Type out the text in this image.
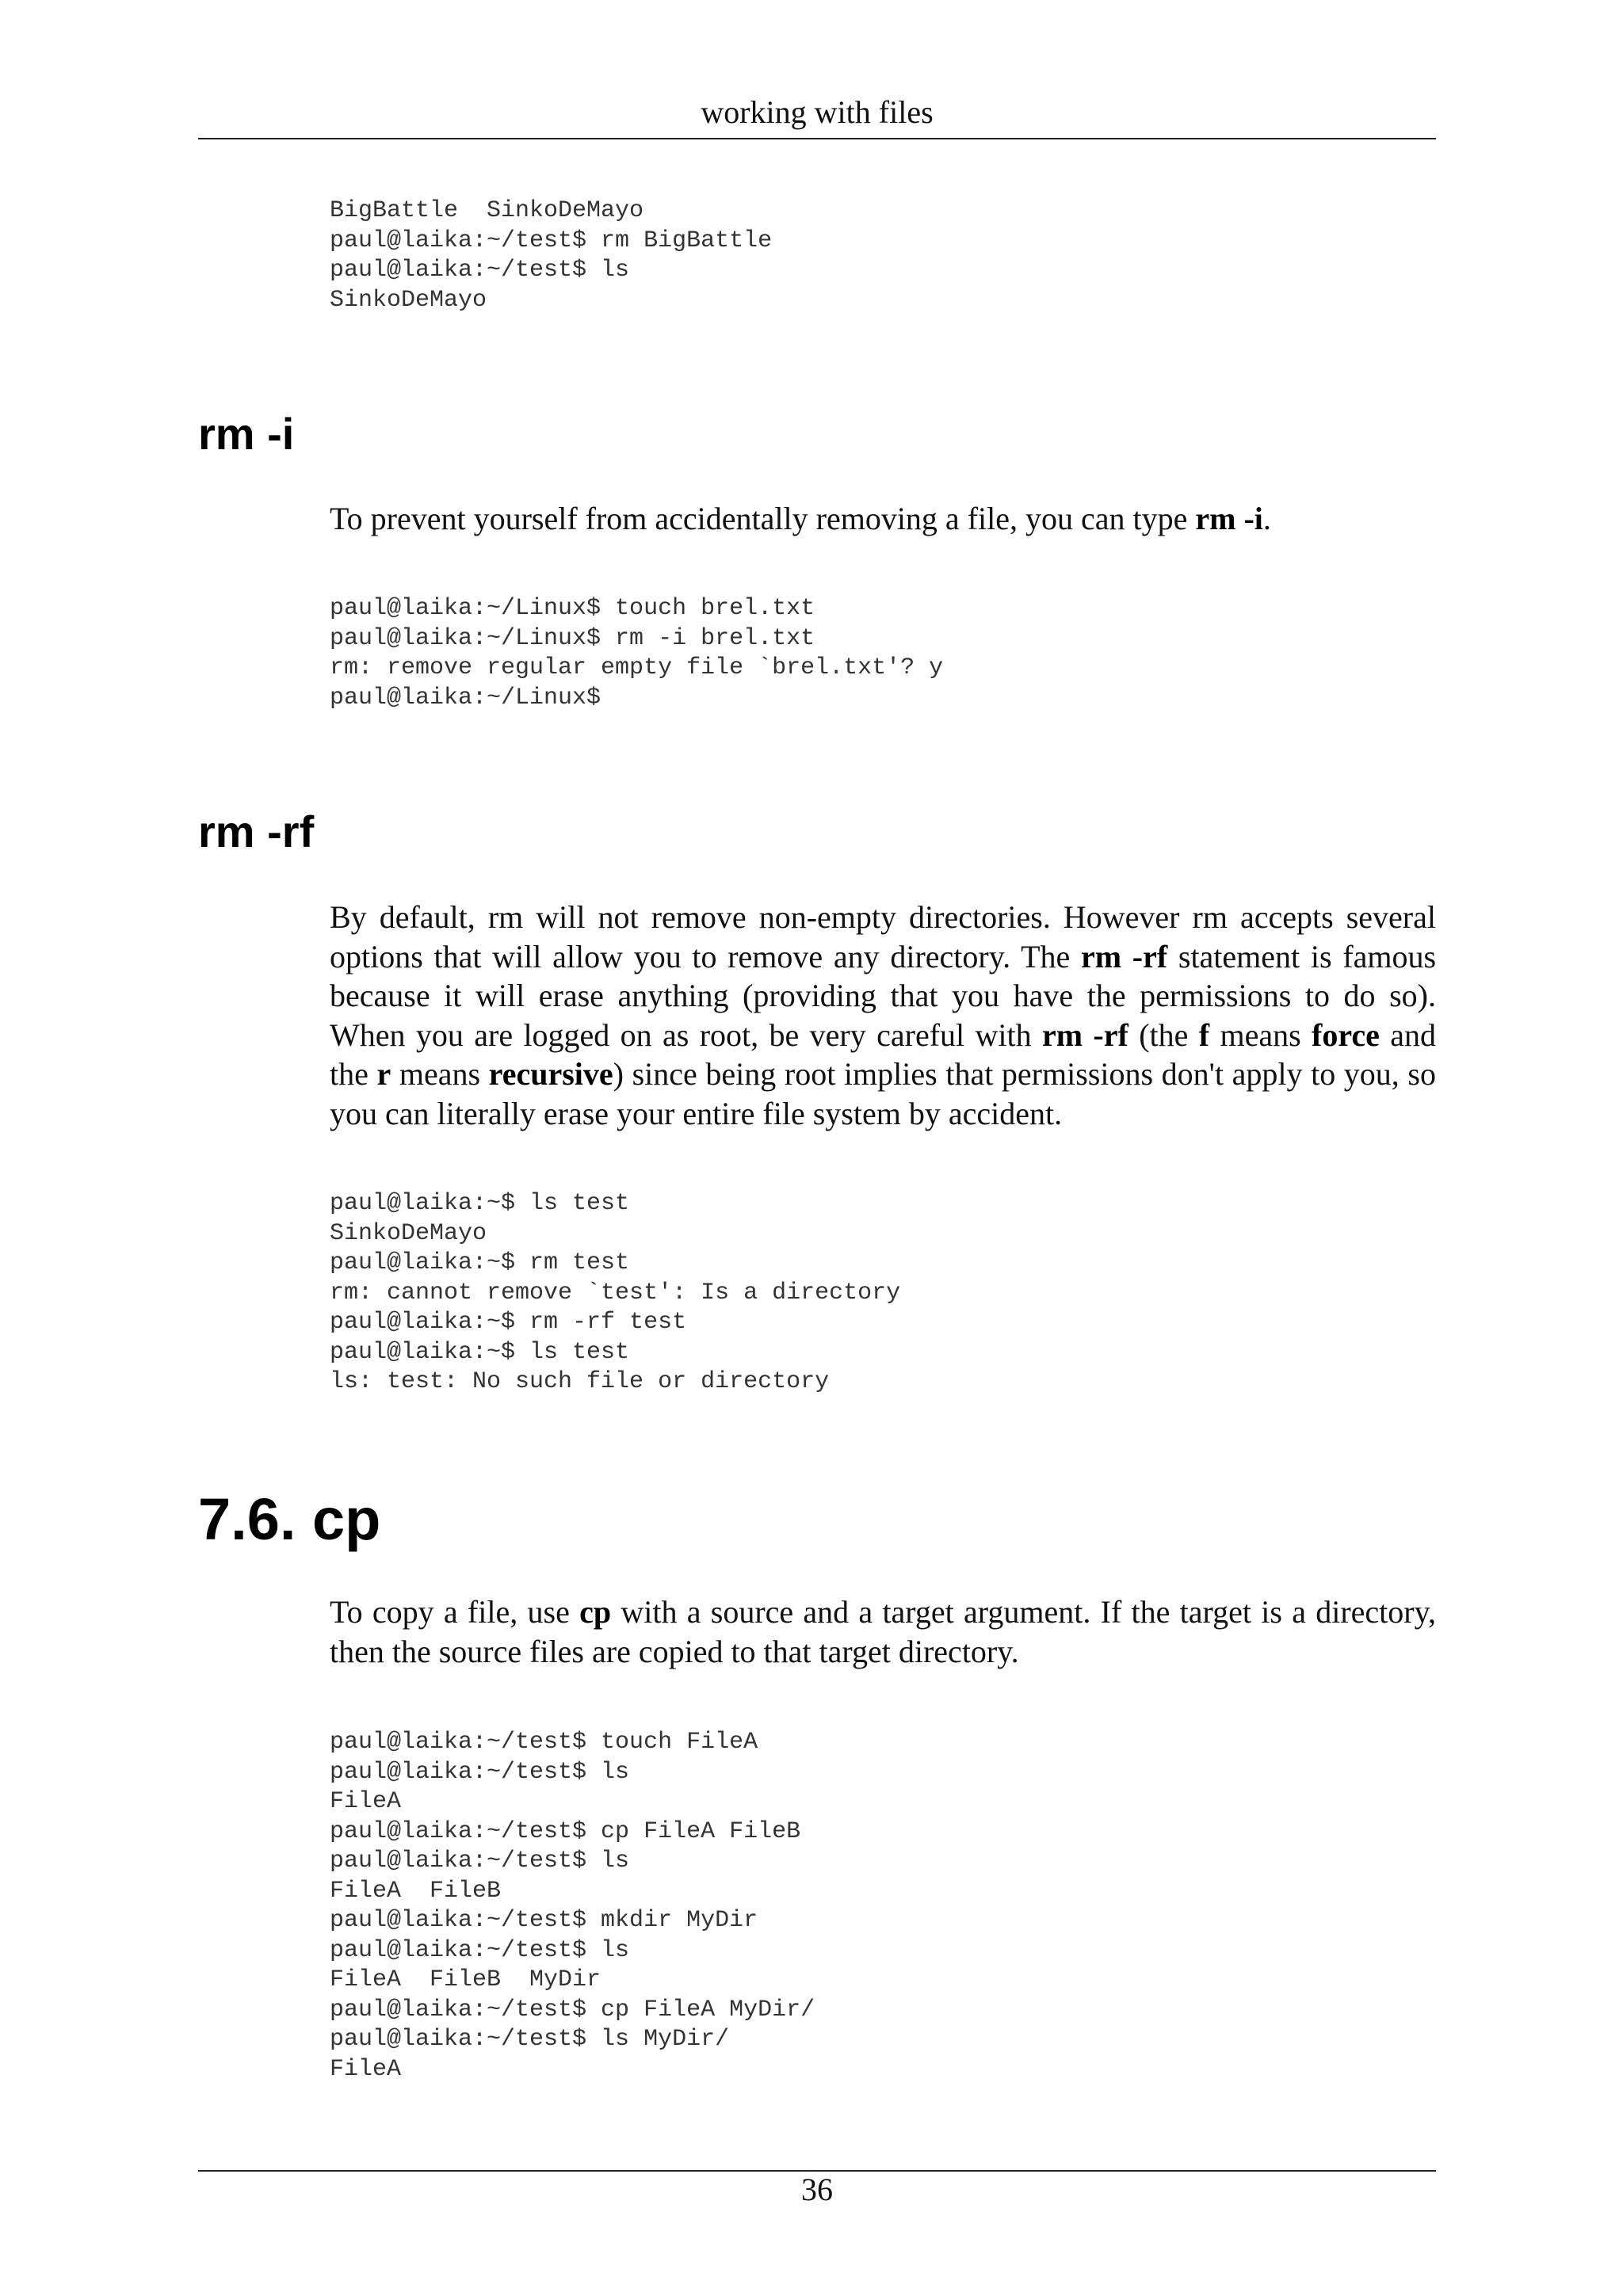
working with files
BigBattle  SinkoDeMayo
paul@laika:~/test$ rm BigBattle
paul@laika:~/test$ ls
SinkoDeMayo
rm -i

To prevent yourself from accidentally removing a file, you can type rm -i.

paul@laika:~/Linux$ touch brel.txt
paul@laika:~/Linux$ rm -i brel.txt
rm: remove regular empty file `brel.txt'? y
paul@laika:~/Linux$
rm -rf

By default, rm will not remove non-empty directories. However rm accepts several options that will allow you to remove any directory. The rm -rf statement is famous because it will erase anything (providing that you have the permissions to do so). When you are logged on as root, be very careful with rm -rf (the f means force and the r means recursive) since being root implies that permissions don't apply to you, so you can literally erase your entire file system by accident.

paul@laika:~$ ls test
SinkoDeMayo
paul@laika:~$ rm test
rm: cannot remove `test': Is a directory
paul@laika:~$ rm -rf test
paul@laika:~$ ls test
ls: test: No such file or directory
7.6. cp

To copy a file, use cp with a source and a target argument. If the target is a directory, then the source files are copied to that target directory.

paul@laika:~/test$ touch FileA
paul@laika:~/test$ ls
FileA
paul@laika:~/test$ cp FileA FileB
paul@laika:~/test$ ls
FileA  FileB
paul@laika:~/test$ mkdir MyDir
paul@laika:~/test$ ls
FileA  FileB  MyDir
paul@laika:~/test$ cp FileA MyDir/
paul@laika:~/test$ ls MyDir/
FileA
36
